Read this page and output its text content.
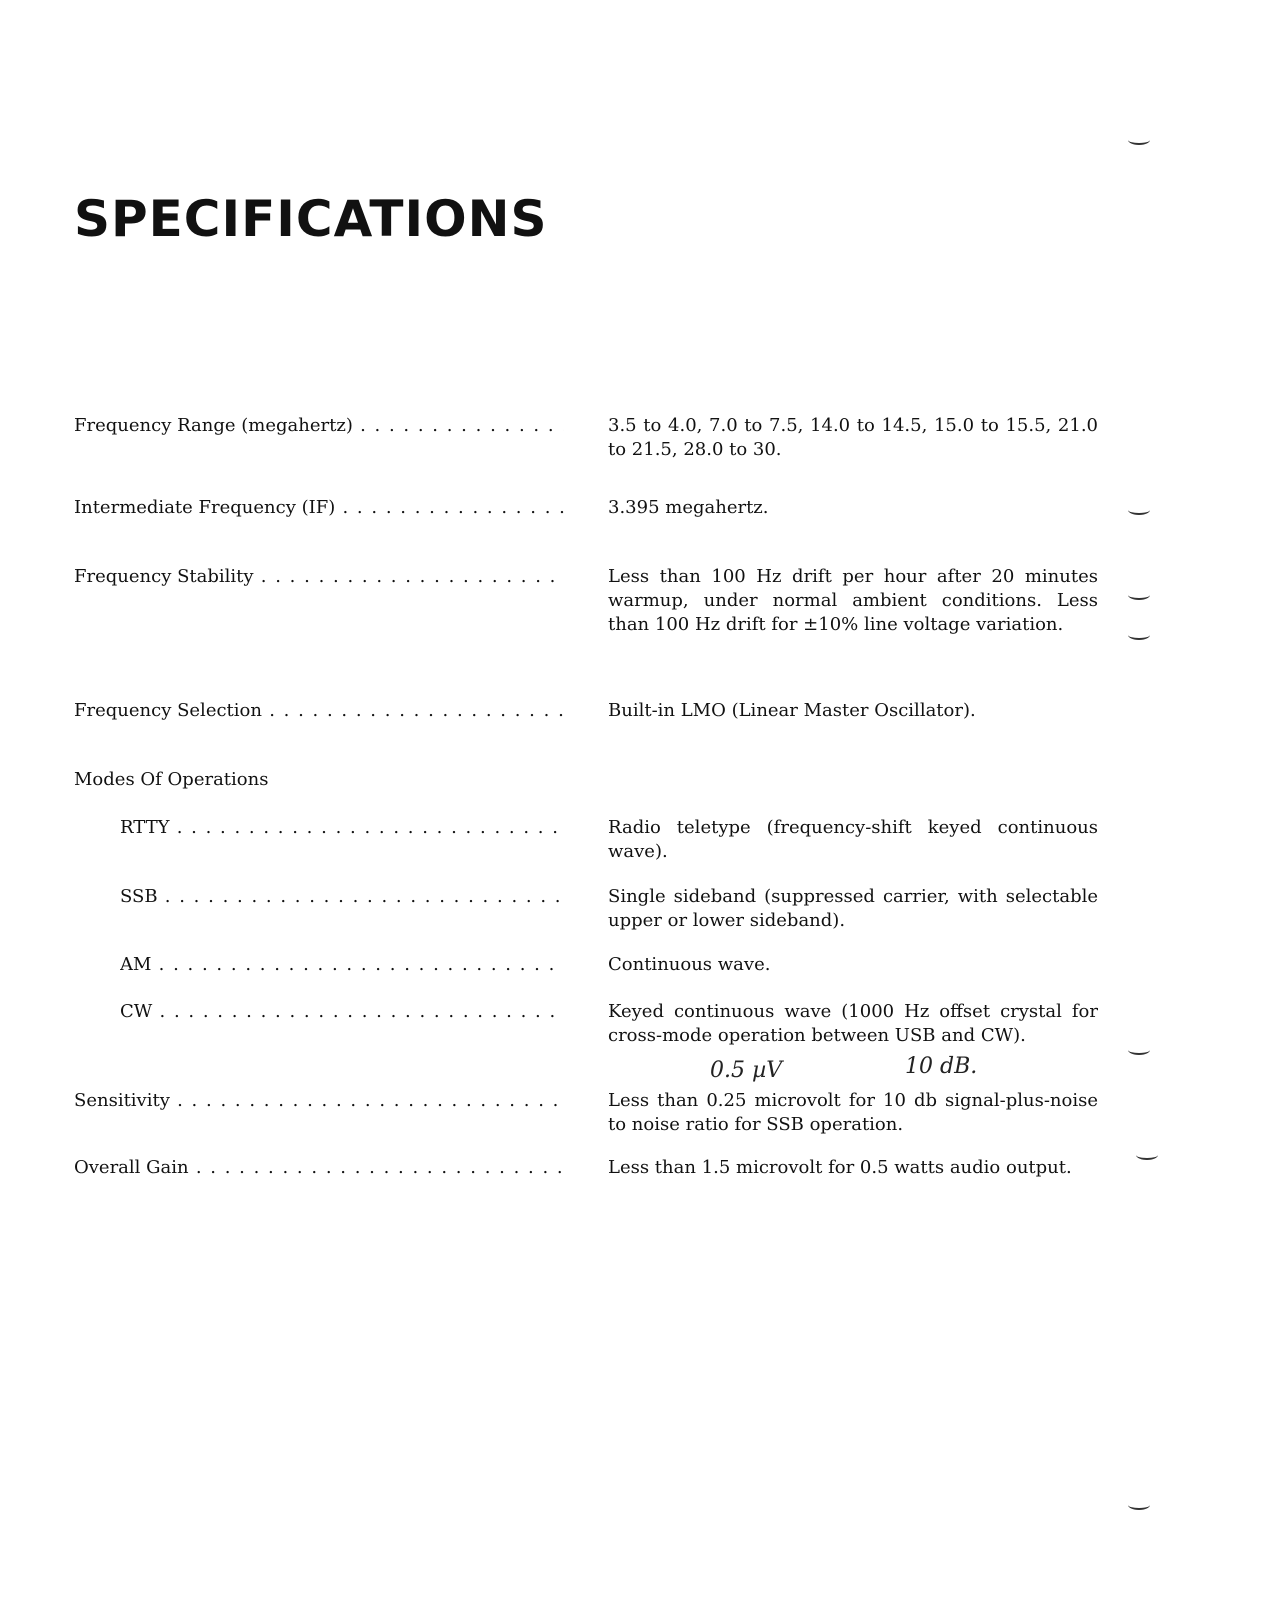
SPECIFICATIONS
Frequency Range (megahertz) . . .	3.5 to 4.0, 7.0 to 7.5, 14.0 to 14.5, 15.0 to 15.5, 21.0 to 21.5, 28.0 to 30.
Intermediate Frequency (IF) . . .	3.395 megahertz.
Frequency Stability . . .	Less than 100 Hz drift per hour after 20 minutes warmup, under normal ambient conditions. Less than 100 Hz drift for ±10% line voltage variation.
Frequency Selection . . .	Built-in LMO (Linear Master Oscillator).
Modes Of Operations
RTTY . . .	Radio teletype (frequency-shift keyed continuous wave).
SSB . . .	Single sideband (suppressed carrier, with selectable upper or lower sideband).
AM . . .	Continuous wave.
CW . . .	Keyed continuous wave (1000 Hz offset crystal for cross-mode operation between USB and CW).
0.5 µV	10 dB.
Sensitivity . . .	Less than 0.25 microvolt for 10 db signal-plus-noise to noise ratio for SSB operation.
Overall Gain . . .	Less than 1.5 microvolt for 0.5 watts audio output.
